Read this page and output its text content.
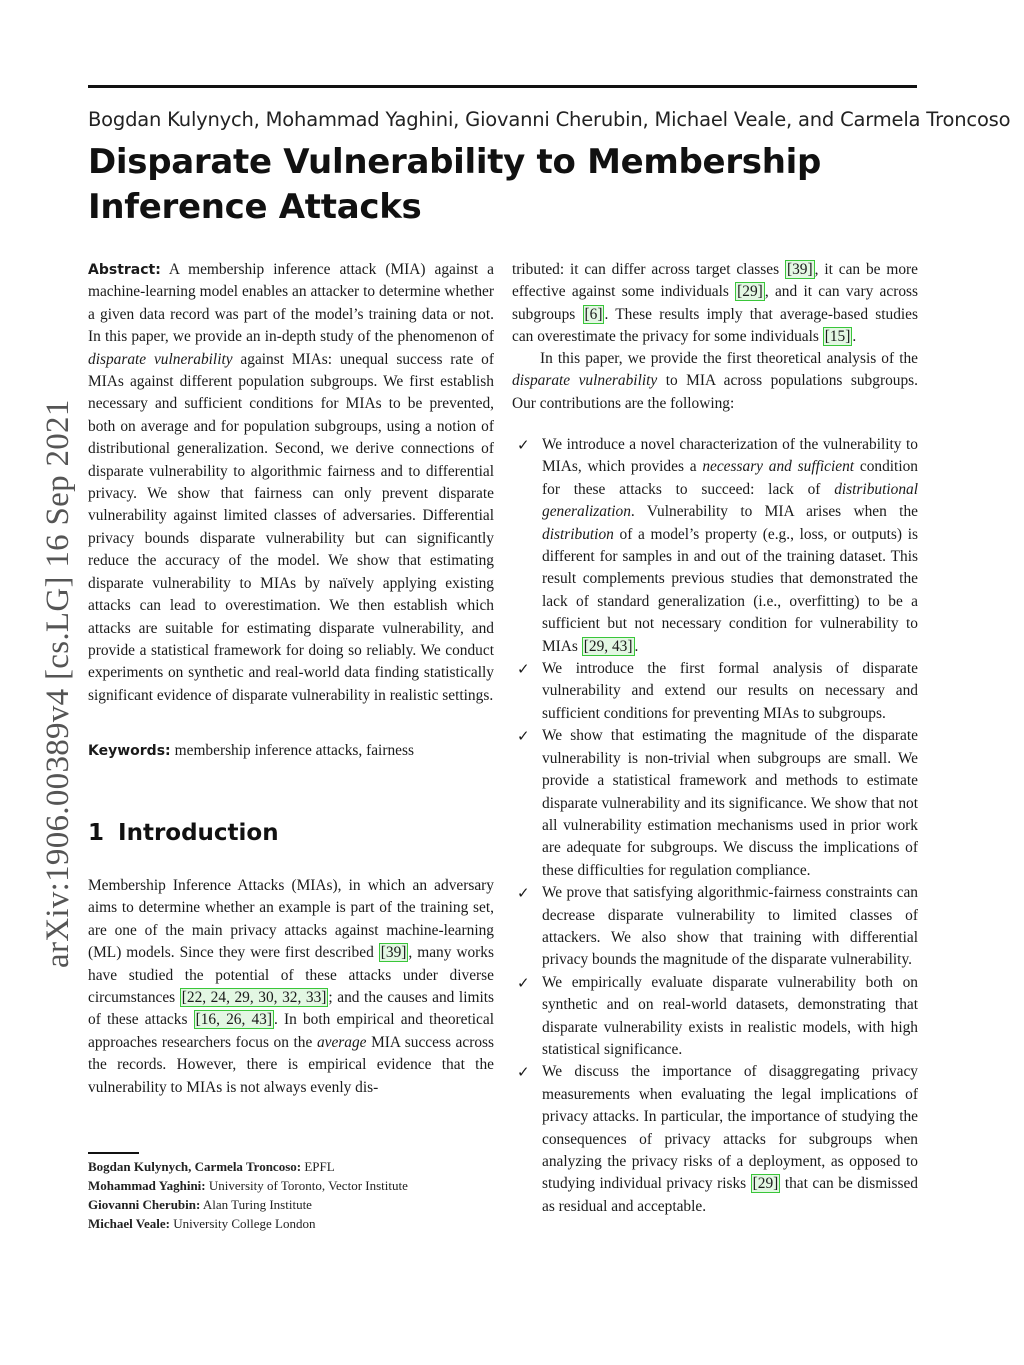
Bogdan Kulynych, Mohammad Yaghini, Giovanni Cherubin, Michael Veale, and Carmela Troncoso
Disparate Vulnerability to Membership
Inference Attacks
arXiv:1906.00389v4 [cs.LG] 16 Sep 2021
Abstract: A membership inference attack (MIA) against a machine-learning model enables an attacker to determine whether a given data record was part of the model’s training data or not. In this paper, we provide an in-depth study of the phenomenon of disparate vulnerability against MIAs: unequal success rate of MIAs against different population subgroups. We first establish necessary and sufficient conditions for MIAs to be prevented, both on average and for population subgroups, using a notion of distributional generalization. Second, we derive connections of disparate vulnerability to algorithmic fairness and to differential privacy. We show that fairness can only prevent disparate vulnerability against limited classes of adversaries. Differential privacy bounds disparate vulnerability but can significantly reduce the accuracy of the model. We show that estimating disparate vulnerability to MIAs by naïvely applying existing attacks can lead to overestimation. We then establish which attacks are suitable for estimating disparate vulnerability, and provide a statistical framework for doing so reliably. We conduct experiments on synthetic and real-world data finding statistically significant evidence of disparate vulnerability in realistic settings.
Keywords: membership inference attacks, fairness
1 Introduction
Membership Inference Attacks (MIAs), in which an adversary aims to determine whether an example is part of the training set, are one of the main privacy attacks against machine-learning (ML) models. Since they were first described [39] , many works have studied the potential of these attacks under diverse circumstances [22, 24, 29, 30, 32, 33] ; and the causes and limits of these attacks [16, 26, 43] . In both empirical and theoretical approaches researchers focus on the average MIA success across the records. However, there is empirical evidence that the vulnerability to MIAs is not always evenly dis-
Bogdan Kulynych, Carmela Troncoso: EPFL
Mohammad Yaghini: University of Toronto, Vector Institute
Giovanni Cherubin: Alan Turing Institute
Michael Veale: University College London
tributed: it can differ across target classes [39] , it can be more effective against some individuals [29] , and it can vary across subgroups [6] . These results imply that average-based studies can overestimate the privacy for some individuals [15] .
In this paper, we provide the first theoretical analysis of the disparate vulnerability to MIA across populations subgroups. Our contributions are the following:
✓ We introduce a novel characterization of the vulnerability to MIAs, which provides a necessary and sufficient condition for these attacks to succeed: lack of distributional generalization. Vulnerability to MIA arises when the distribution of a model’s property (e.g., loss, or outputs) is different for samples in and out of the training dataset. This result complements previous studies that demonstrated the lack of standard generalization (i.e., overfitting) to be a sufficient but not necessary condition for vulnerability to MIAs [29, 43] .
✓ We introduce the first formal analysis of disparate vulnerability and extend our results on necessary and sufficient conditions for preventing MIAs to subgroups.
✓ We show that estimating the magnitude of the disparate vulnerability is non-trivial when subgroups are small. We provide a statistical framework and methods to estimate disparate vulnerability and its significance. We show that not all vulnerability estimation mechanisms used in prior work are adequate for subgroups. We discuss the implications of these difficulties for regulation compliance.
✓ We prove that satisfying algorithmic-fairness constraints can decrease disparate vulnerability to limited classes of attackers. We also show that training with differential privacy bounds the magnitude of the disparate vulnerability.
✓ We empirically evaluate disparate vulnerability both on synthetic and on real-world datasets, demonstrating that disparate vulnerability exists in realistic models, with high statistical significance.
✓ We discuss the importance of disaggregating privacy measurements when evaluating the legal implications of privacy attacks. In particular, the importance of studying the consequences of privacy attacks for subgroups when analyzing the privacy risks of a deployment, as opposed to studying individual privacy risks [29] that can be dismissed as residual and acceptable.
